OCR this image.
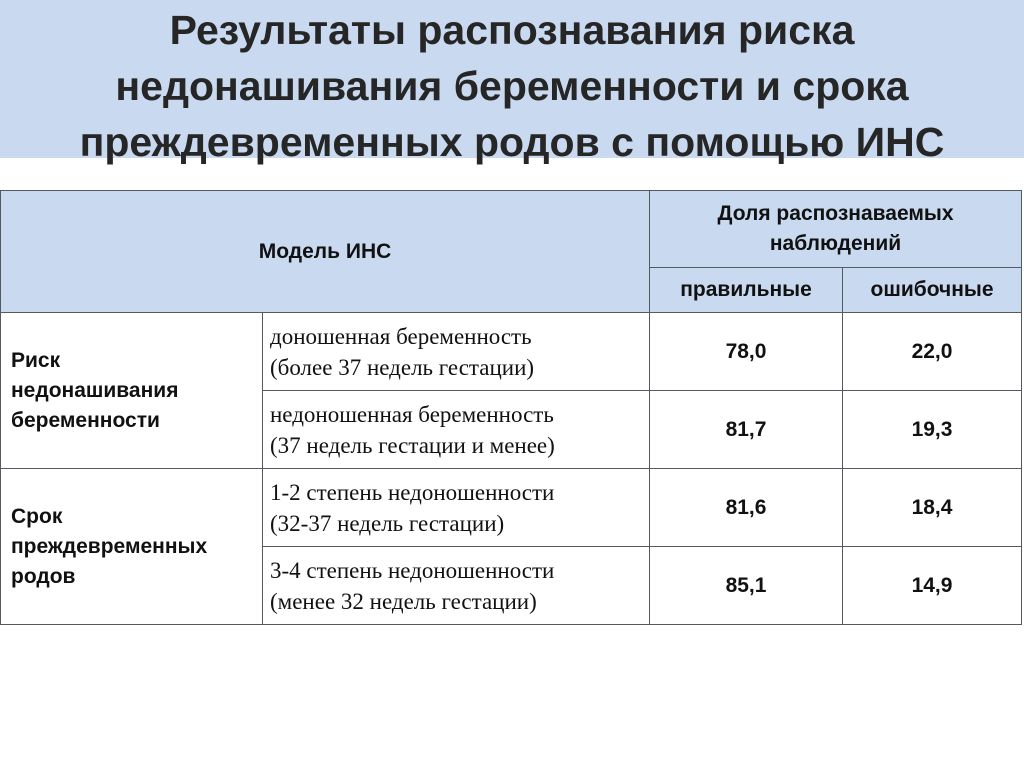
Результаты распознавания риска
недонашивания беременности и срока
преждевременных родов с помощью ИНС
Модель ИНС		Доля распознаваемых
наблюдений	

		правильные	ошибочные

Риск
недонашивания
беременности	доношенная беременность
(более 37 недель гестации)	78,0	22,0

	недоношенная беременность
(37 недель гестации и менее)	81,7	19,3

Срок
преждевременных
родов	1-2 степень недоношенности
(32-37 недель гестации)	81,6	18,4

	3-4 степень недоношенности
(менее 32 недель гестации)	85,1	14,9
